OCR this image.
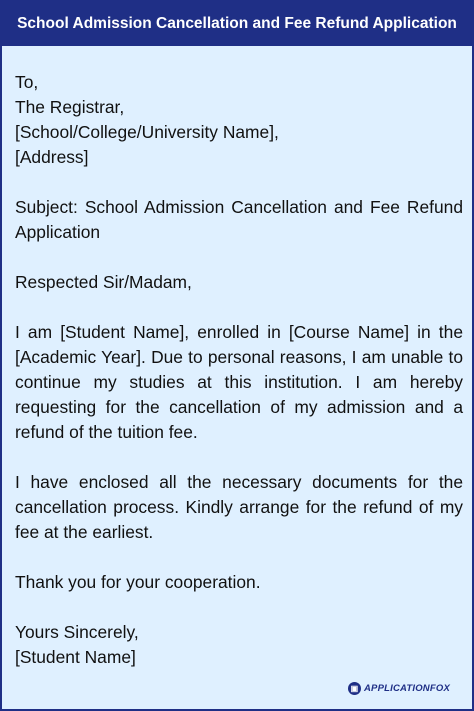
School Admission Cancellation and Fee Refund Application
To,
The Registrar,
[School/College/University Name],
[Address]
Subject: School Admission Cancellation and Fee Refund Application
Respected Sir/Madam,
I am [Student Name], enrolled in [Course Name] in the [Academic Year]. Due to personal reasons, I am unable to continue my studies at this institution. I am hereby requesting for the cancellation of my admission and a refund of the tuition fee.
I have enclosed all the necessary documents for the cancellation process. Kindly arrange for the refund of my fee at the earliest.
Thank you for your cooperation.
Yours Sincerely,
[Student Name]
▣ APPLICATIONFOX
